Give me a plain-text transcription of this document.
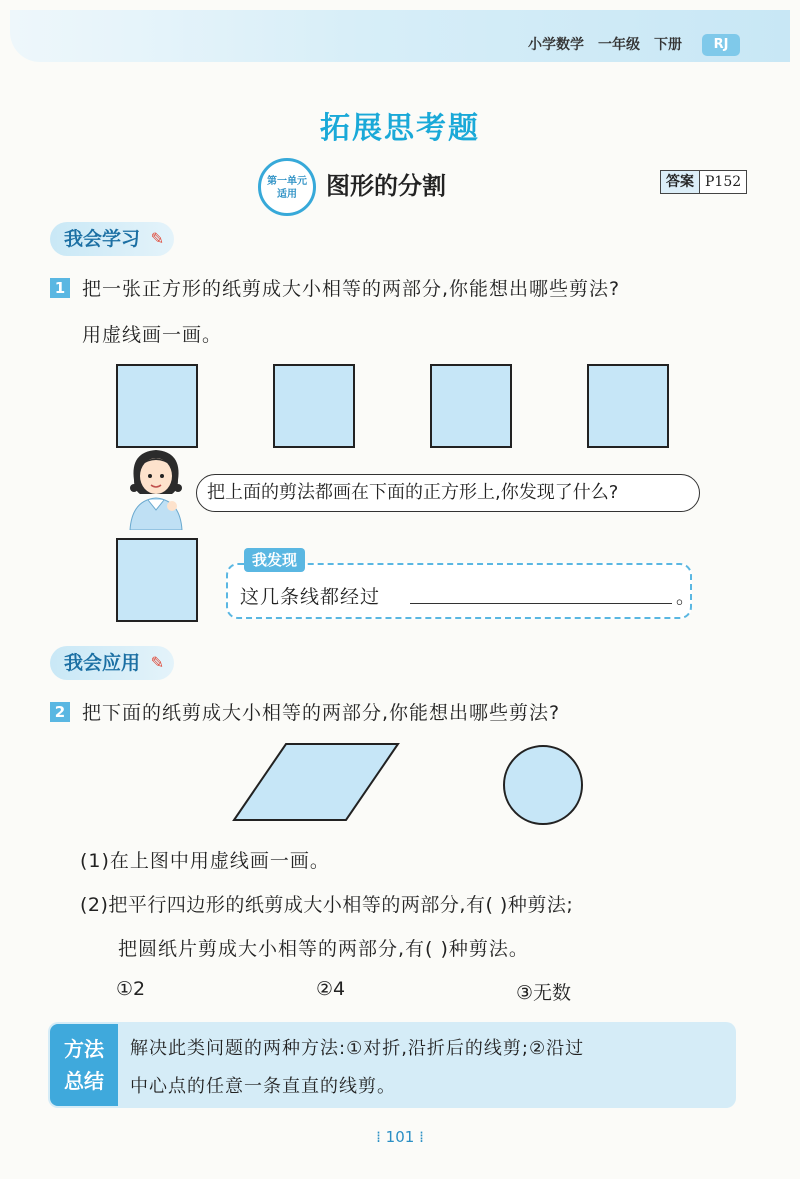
小学数学 一年级 下册	RJ
拓展思考题
第一单元
适用	图形的分割	答案 P152
我会学习 ✎
1 把一张正方形的纸剪成大小相等的两部分,你能想出哪些剪法?
用虚线画一画。
把上面的剪法都画在下面的正方形上,你发现了什么?
我发现
这几条线都经过	。
我会应用 ✎
2 把下面的纸剪成大小相等的两部分,你能想出哪些剪法?
(1)在上图中用虚线画一画。
(2)把平行四边形的纸剪成大小相等的两部分,有( )种剪法;
把圆纸片剪成大小相等的两部分,有( )种剪法。
①2	②4	③无数
方法
总结
解决此类问题的两种方法:①对折,沿折后的线剪;②沿过
中心点的任意一条直直的线剪。
⁞ 101 ⁞
